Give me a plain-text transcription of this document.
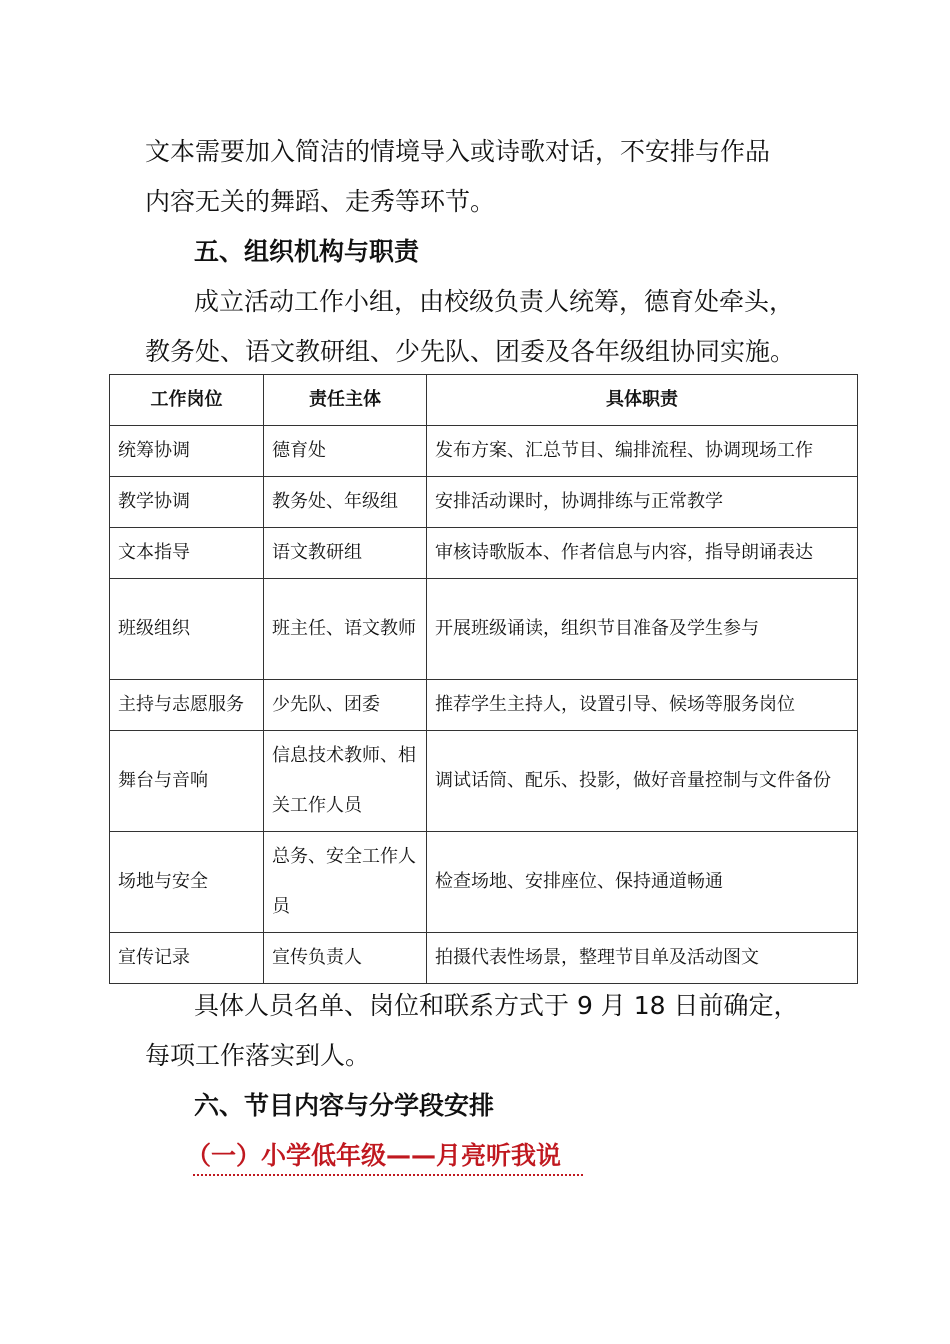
文本需要加入简洁的情境导入或诗歌对话，不安排与作品
内容无关的舞蹈、走秀等环节。
五、组织机构与职责
成立活动工作小组，由校级负责人统筹，德育处牵头，
教务处、语文教研组、少先队、团委及各年级组协同实施。
工作岗位	责任主体	具体职责
统筹协调	德育处	发布方案、汇总节目、编排流程、协调现场工作
教学协调	教务处、年级组	安排活动课时，协调排练与正常教学
文本指导	语文教研组	审核诗歌版本、作者信息与内容，指导朗诵表达
班级组织	班主任、语文教师	开展班级诵读，组织节目准备及学生参与
主持与志愿服务	少先队、团委	推荐学生主持人，设置引导、候场等服务岗位
舞台与音响	信息技术教师、相关工作人员	调试话筒、配乐、投影，做好音量控制与文件备份
场地与安全	总务、安全工作人员	检查场地、安排座位、保持通道畅通
宣传记录	宣传负责人	拍摄代表性场景，整理节目单及活动图文
具体人员名单、岗位和联系方式于 9 月 18 日前确定，
每项工作落实到人。
六、节目内容与分学段安排
（一）小学低年级——月亮听我说
